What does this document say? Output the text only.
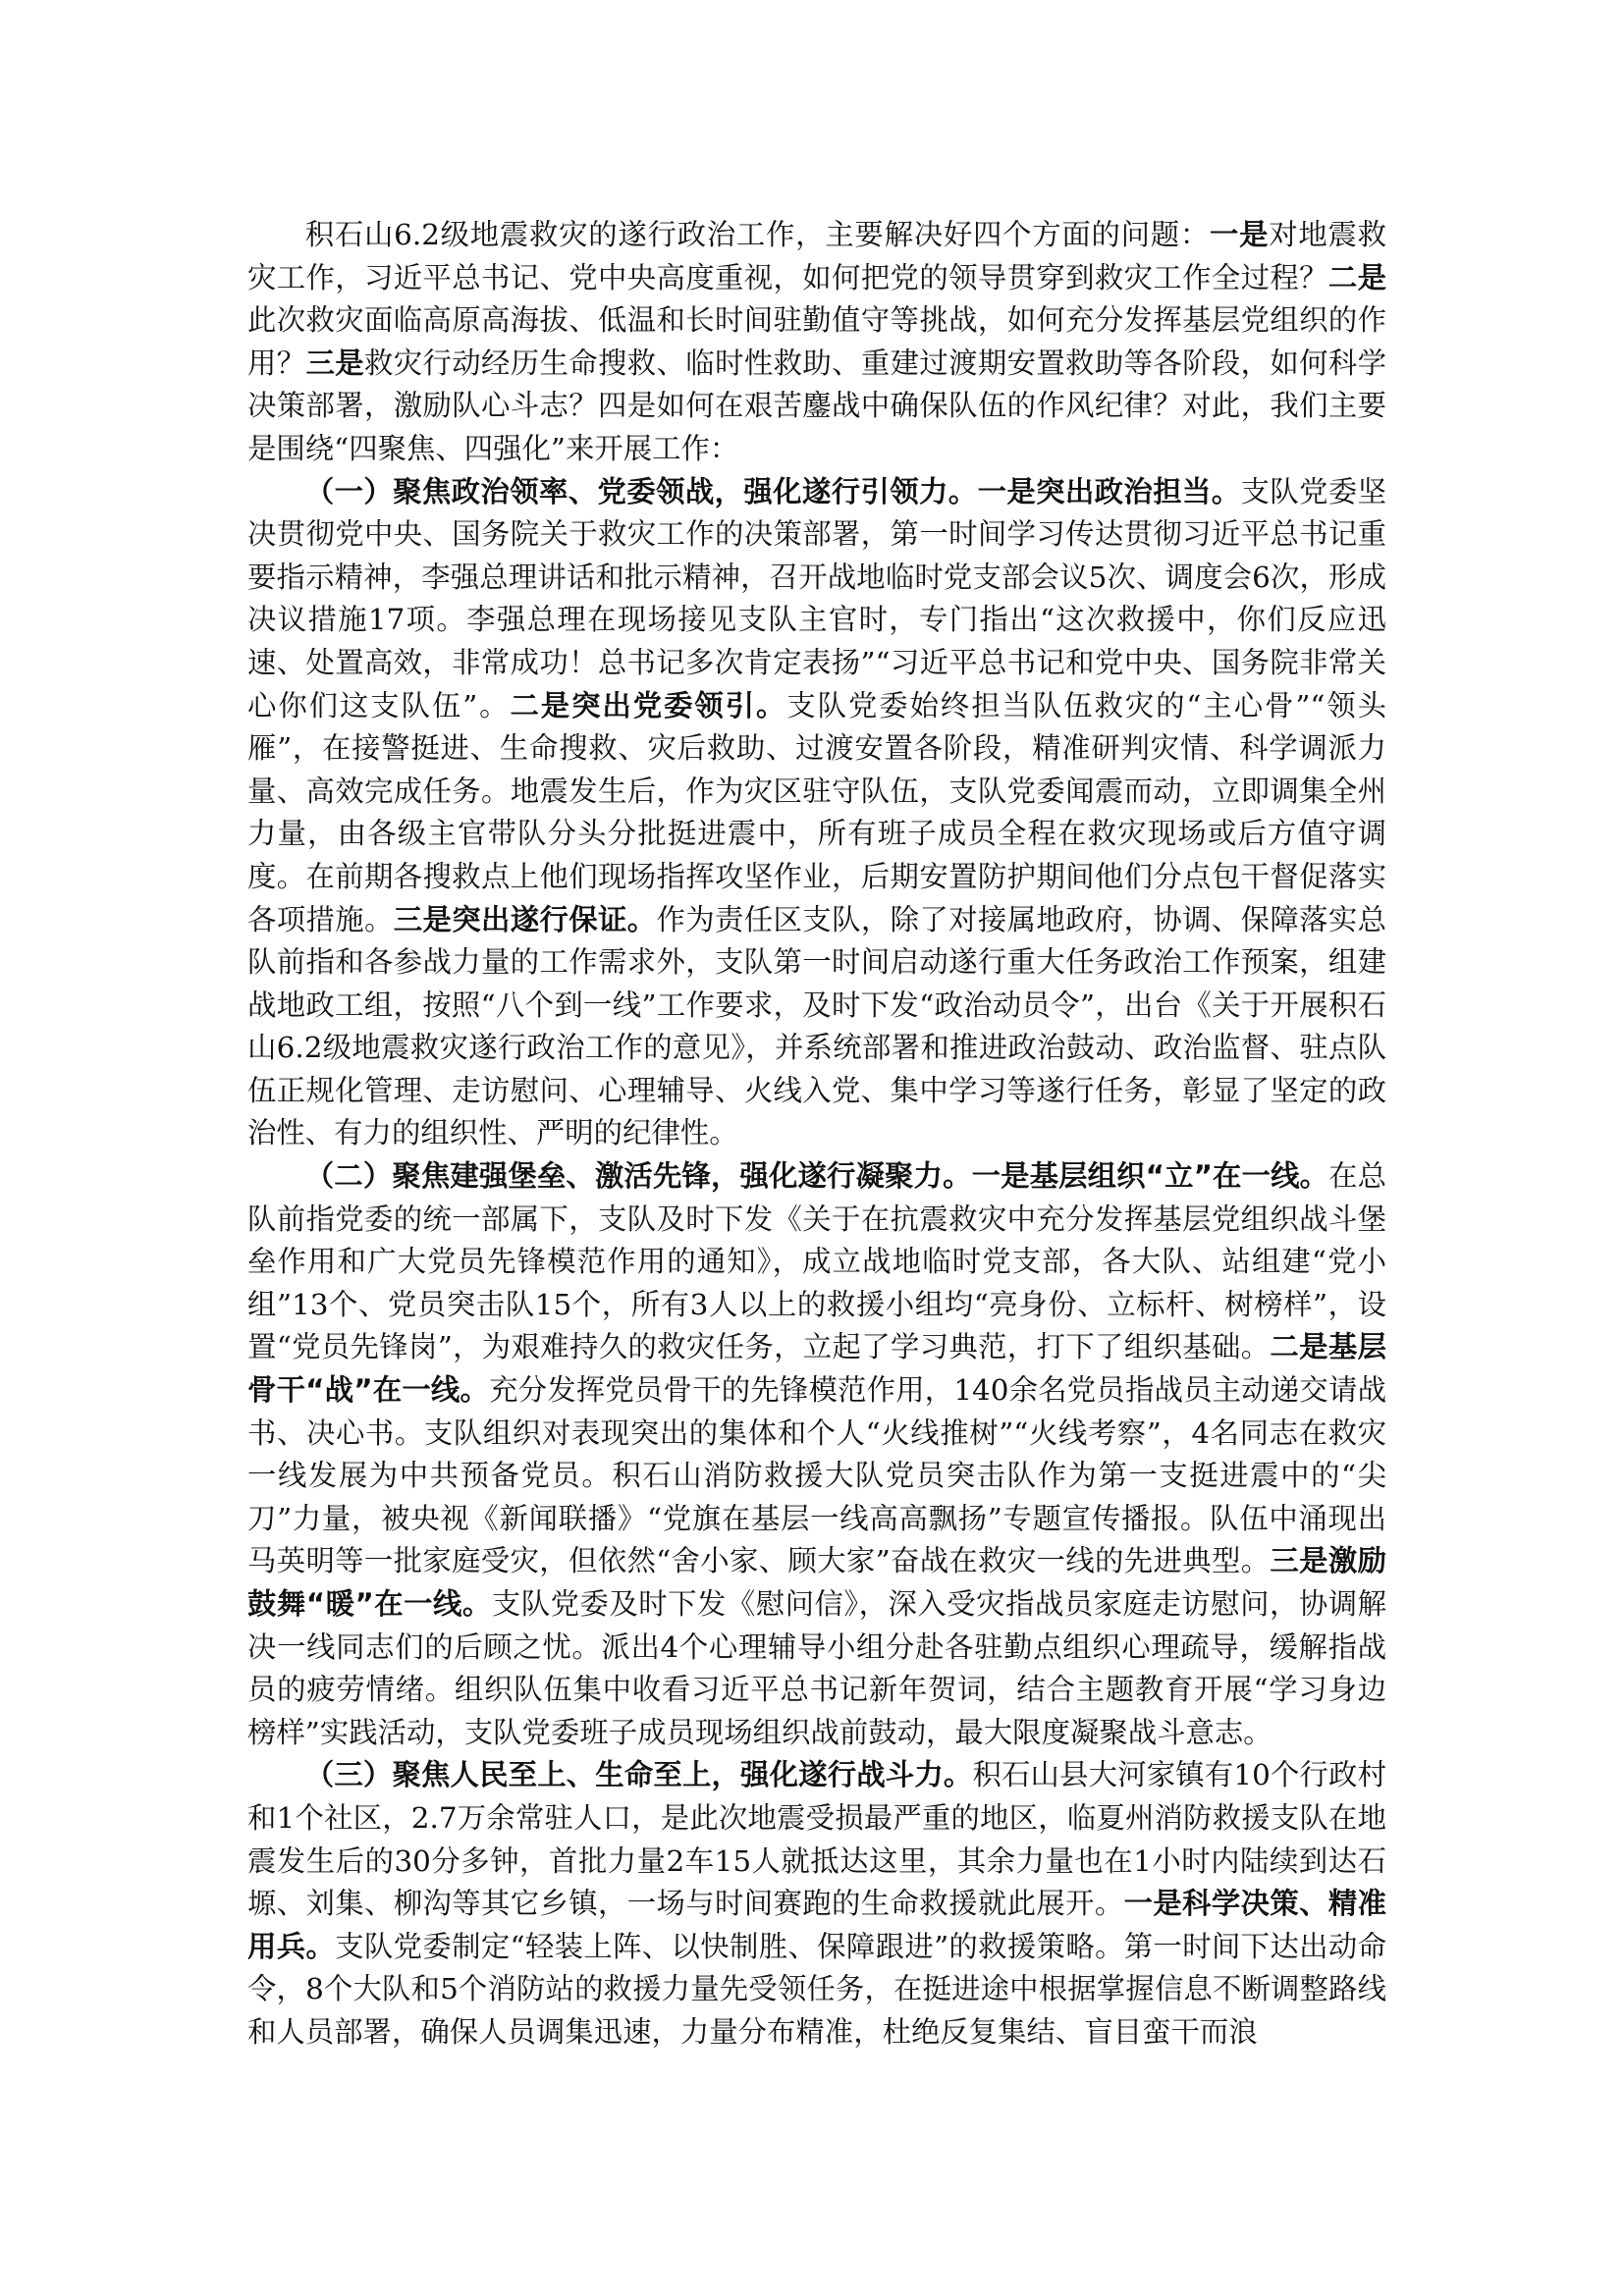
积石山6.2级地震救灾的遂行政治工作，主要解决好四个方面的问题：一是对地震救灾工作，习近平总书记、党中央高度重视，如何把党的领导贯穿到救灾工作全过程？二是此次救灾面临高原高海拔、低温和长时间驻勤值守等挑战，如何充分发挥基层党组织的作用？三是救灾行动经历生命搜救、临时性救助、重建过渡期安置救助等各阶段，如何科学决策部署，激励队心斗志？四是如何在艰苦鏖战中确保队伍的作风纪律？对此，我们主要是围绕“四聚焦、四强化”来开展工作：

（一）聚焦政治领率、党委领战，强化遂行引领力。一是突出政治担当。支队党委坚决贯彻党中央、国务院关于救灾工作的决策部署，第一时间学习传达贯彻习近平总书记重要指示精神，李强总理讲话和批示精神，召开战地临时党支部会议5次、调度会6次，形成决议措施17项。李强总理在现场接见支队主官时，专门指出“这次救援中，你们反应迅速、处置高效，非常成功！总书记多次肯定表扬”“习近平总书记和党中央、国务院非常关心你们这支队伍”。二是突出党委领引。支队党委始终担当队伍救灾的“主心骨”“领头雁”，在接警挺进、生命搜救、灾后救助、过渡安置各阶段，精准研判灾情、科学调派力量、高效完成任务。地震发生后，作为灾区驻守队伍，支队党委闻震而动，立即调集全州力量，由各级主官带队分头分批挺进震中，所有班子成员全程在救灾现场或后方值守调度。在前期各搜救点上他们现场指挥攻坚作业，后期安置防护期间他们分点包干督促落实各项措施。三是突出遂行保证。作为责任区支队，除了对接属地政府，协调、保障落实总队前指和各参战力量的工作需求外，支队第一时间启动遂行重大任务政治工作预案，组建战地政工组，按照“八个到一线”工作要求，及时下发“政治动员令”，出台《关于开展积石山6.2级地震救灾遂行政治工作的意见》，并系统部署和推进政治鼓动、政治监督、驻点队伍正规化管理、走访慰问、心理辅导、火线入党、集中学习等遂行任务，彰显了坚定的政治性、有力的组织性、严明的纪律性。

（二）聚焦建强堡垒、激活先锋，强化遂行凝聚力。一是基层组织“立”在一线。在总队前指党委的统一部属下，支队及时下发《关于在抗震救灾中充分发挥基层党组织战斗堡垒作用和广大党员先锋模范作用的通知》，成立战地临时党支部，各大队、站组建“党小组”13个、党员突击队15个，所有3人以上的救援小组均“亮身份、立标杆、树榜样”，设置“党员先锋岗”，为艰难持久的救灾任务，立起了学习典范，打下了组织基础。二是基层骨干“战”在一线。充分发挥党员骨干的先锋模范作用，140余名党员指战员主动递交请战书、决心书。支队组织对表现突出的集体和个人“火线推树”“火线考察”，4名同志在救灾一线发展为中共预备党员。积石山消防救援大队党员突击队作为第一支挺进震中的“尖刀”力量，被央视《新闻联播》“党旗在基层一线高高飘扬”专题宣传播报。队伍中涌现出马英明等一批家庭受灾，但依然“舍小家、顾大家”奋战在救灾一线的先进典型。三是激励鼓舞“暖”在一线。支队党委及时下发《慰问信》，深入受灾指战员家庭走访慰问，协调解决一线同志们的后顾之忧。派出4个心理辅导小组分赴各驻勤点组织心理疏导，缓解指战员的疲劳情绪。组织队伍集中收看习近平总书记新年贺词，结合主题教育开展“学习身边榜样”实践活动，支队党委班子成员现场组织战前鼓动，最大限度凝聚战斗意志。

（三）聚焦人民至上、生命至上，强化遂行战斗力。积石山县大河家镇有10个行政村和1个社区，2.7万余常驻人口，是此次地震受损最严重的地区，临夏州消防救援支队在地震发生后的30分多钟，首批力量2车15人就抵达这里，其余力量也在1小时内陆续到达石塬、刘集、柳沟等其它乡镇，一场与时间赛跑的生命救援就此展开。一是科学决策、精准用兵。支队党委制定“轻装上阵、以快制胜、保障跟进”的救援策略。第一时间下达出动命令，8个大队和5个消防站的救援力量先受领任务，在挺进途中根据掌握信息不断调整路线和人员部署，确保人员调集迅速，力量分布精准，杜绝反复集结、盲目蛮干而浪
